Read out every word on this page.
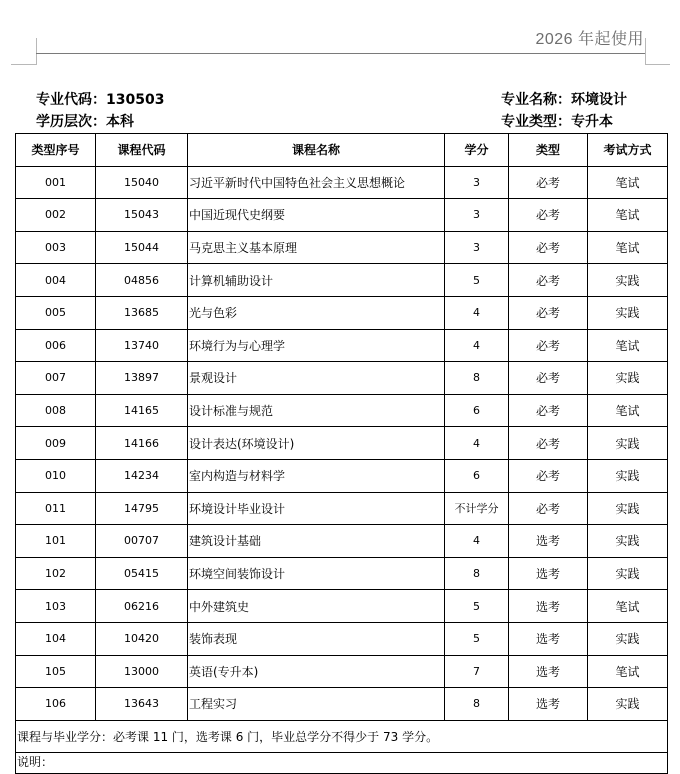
2026 年起使用
专业代码：130503
学历层次：本科
专业名称：环境设计
专业类型：专升本
类型序号	课程代码	课程名称	学分	类型	考试方式
001	15040	习近平新时代中国特色社会主义思想概论	3	必考	笔试
002	15043	中国近现代史纲要	3	必考	笔试
003	15044	马克思主义基本原理	3	必考	笔试
004	04856	计算机辅助设计	5	必考	实践
005	13685	光与色彩	4	必考	实践
006	13740	环境行为与心理学	4	必考	笔试
007	13897	景观设计	8	必考	实践
008	14165	设计标准与规范	6	必考	笔试
009	14166	设计表达(环境设计)	4	必考	实践
010	14234	室内构造与材料学	6	必考	实践
011	14795	环境设计毕业设计	不计学分	必考	实践
101	00707	建筑设计基础	4	选考	实践
102	05415	环境空间装饰设计	8	选考	实践
103	06216	中外建筑史	5	选考	笔试
104	10420	装饰表现	5	选考	实践
105	13000	英语(专升本)	7	选考	笔试
106	13643	工程实习	8	选考	实践
课程与毕业学分：必考课 11 门，选考课 6 门，毕业总学分不得少于 73 学分。					
说明：					
